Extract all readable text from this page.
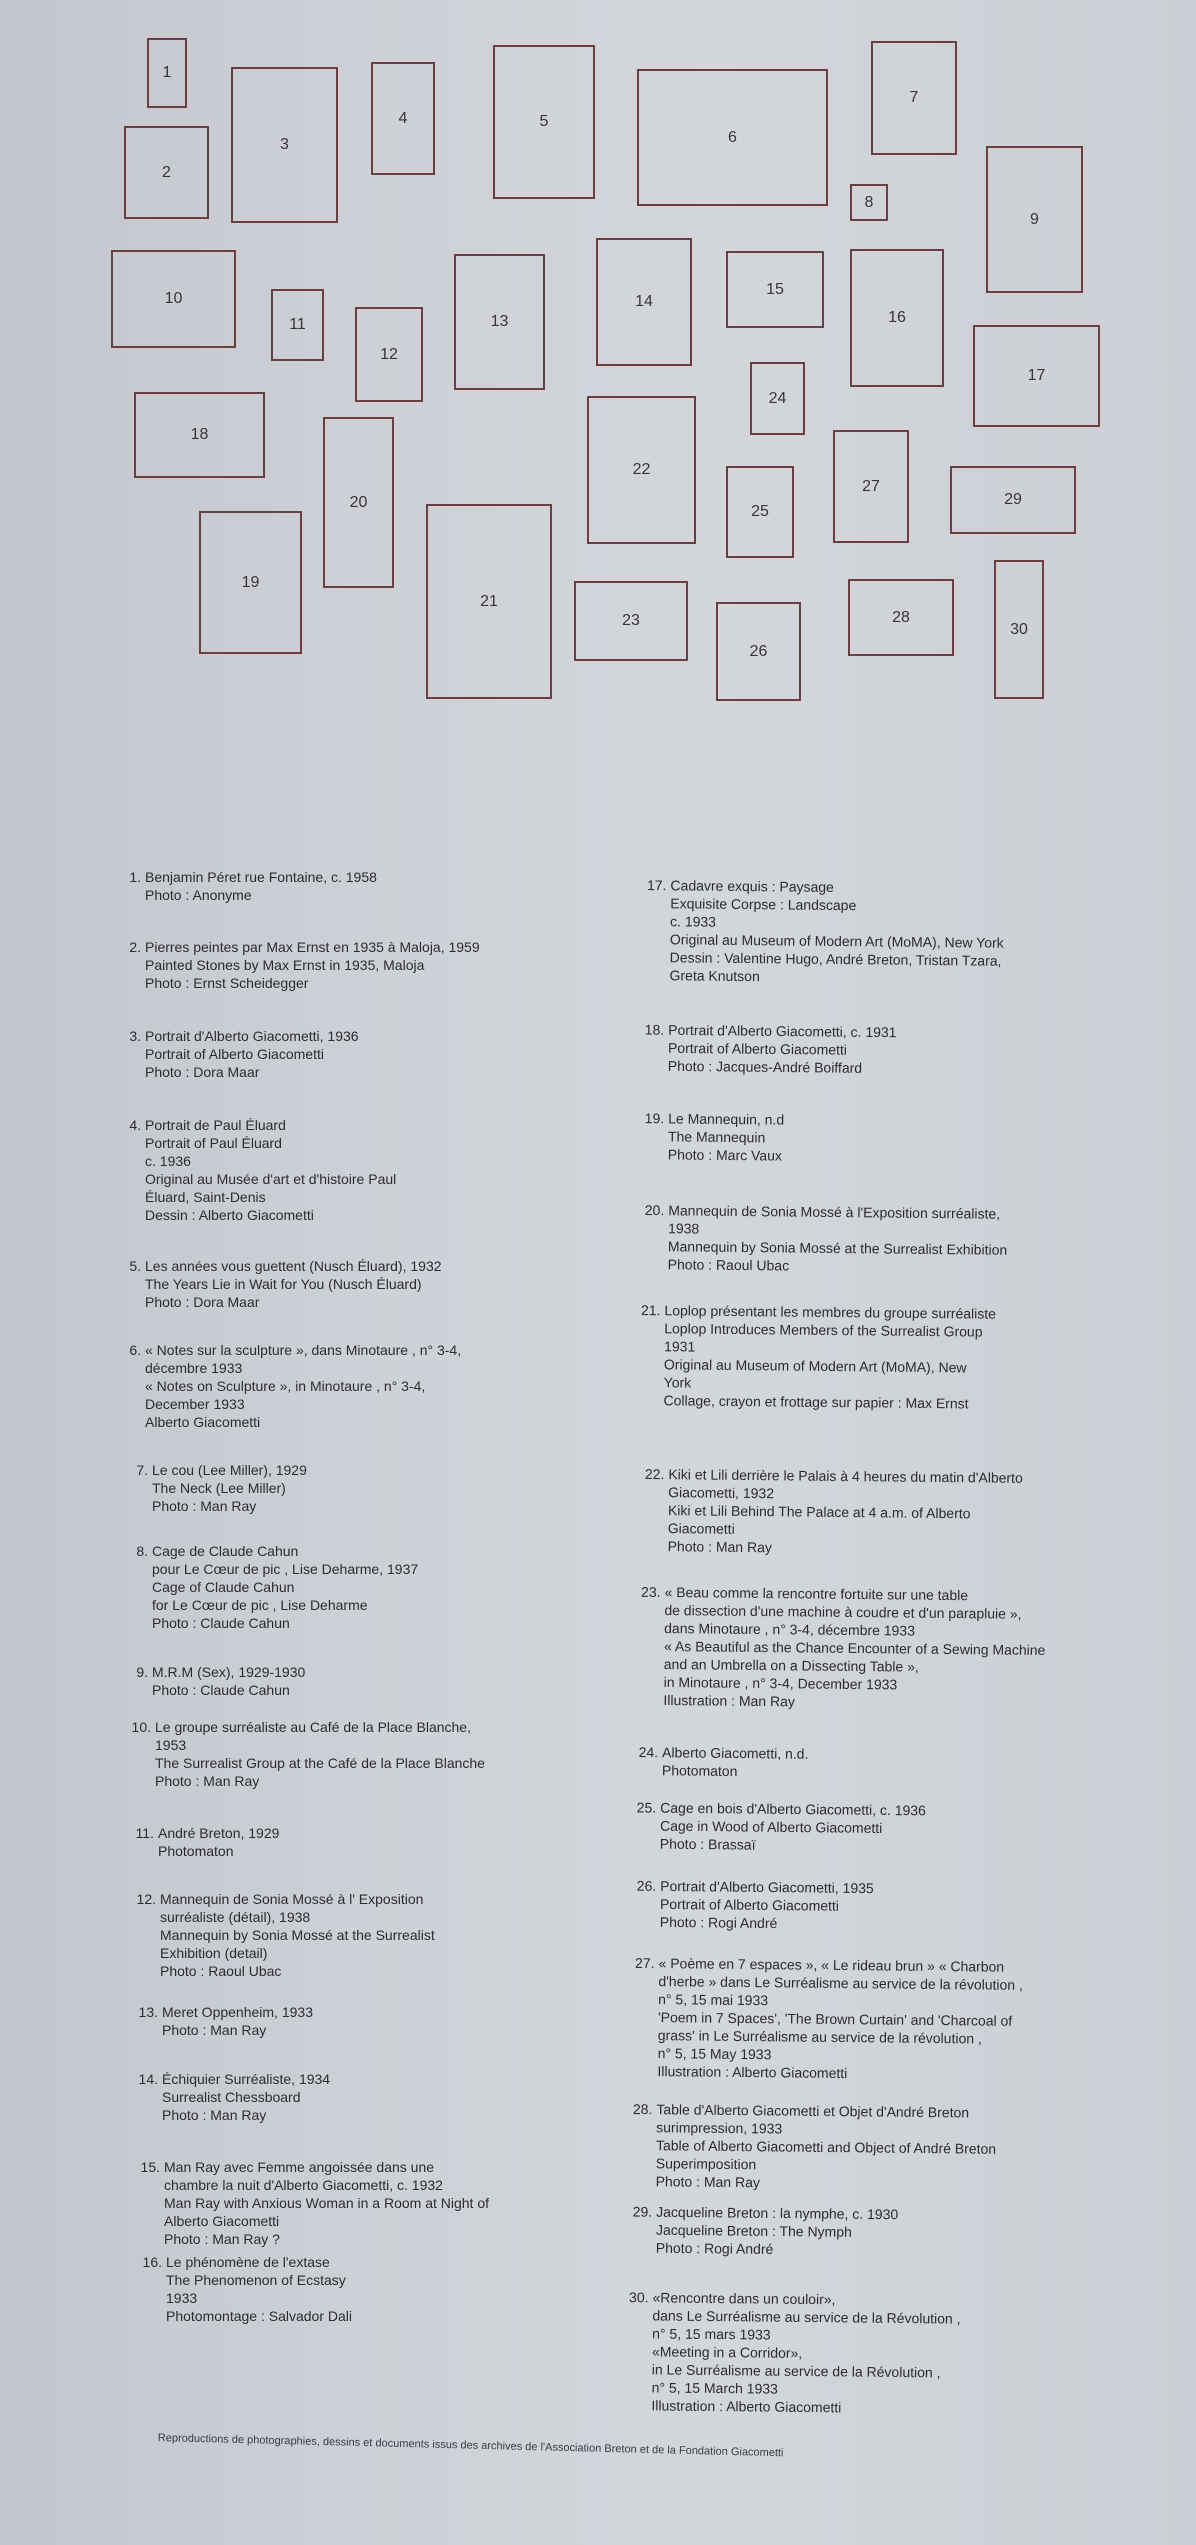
1
2
3
4	5
6
7
8
9
10
11
12
13
14
15
16
17
18
19
20
21
22
23
24
25
26
27
28
29
30
1. Benjamin Péret rue Fontaine, c. 1958
Photo : Anonyme
2. Pierres peintes par Max Ernst en 1935 à Maloja, 1959
Painted Stones by Max Ernst in 1935, Maloja
Photo : Ernst Scheidegger
3. Portrait d'Alberto Giacometti, 1936
Portrait of Alberto Giacometti
Photo : Dora Maar
4. Portrait de Paul Éluard
Portrait of Paul Éluard
c. 1936
Original au Musée d'art et d'histoire Paul
Éluard, Saint-Denis
Dessin : Alberto Giacometti
5. Les années vous guettent (Nusch Éluard), 1932
The Years Lie in Wait for You (Nusch Éluard)
Photo : Dora Maar
6. « Notes sur la sculpture », dans Minotaure , n° 3-4,
décembre 1933
« Notes on Sculpture », in Minotaure , n° 3-4,
December 1933
Alberto Giacometti
7. Le cou (Lee Miller), 1929
The Neck (Lee Miller)
Photo : Man Ray
8. Cage de Claude Cahun
pour Le Cœur de pic , Lise Deharme, 1937
Cage of Claude Cahun
for Le Cœur de pic , Lise Deharme
Photo : Claude Cahun
9. M.R.M (Sex), 1929-1930
Photo : Claude Cahun
10. Le groupe surréaliste au Café de la Place Blanche,
1953
The Surrealist Group at the Café de la Place Blanche
Photo : Man Ray
11. André Breton, 1929
Photomaton
12. Mannequin de Sonia Mossé à l' Exposition
surréaliste (détail), 1938
Mannequin by Sonia Mossé at the Surrealist
Exhibition (detail)
Photo : Raoul Ubac
13. Meret Oppenheim, 1933
Photo : Man Ray
14. Échiquier Surréaliste, 1934
Surrealist Chessboard
Photo : Man Ray
15. Man Ray avec Femme angoissée dans une
chambre la nuit d'Alberto Giacometti, c. 1932
Man Ray with Anxious Woman in a Room at Night of
Alberto Giacometti
Photo : Man Ray ?
16. Le phénomène de l'extase
The Phenomenon of Ecstasy
1933
Photomontage : Salvador Dali
17. Cadavre exquis : Paysage
Exquisite Corpse : Landscape
c. 1933
Original au Museum of Modern Art (MoMA), New York
Dessin : Valentine Hugo, André Breton, Tristan Tzara,
Greta Knutson
18. Portrait d'Alberto Giacometti, c. 1931
Portrait of Alberto Giacometti
Photo : Jacques-André Boiffard
19. Le Mannequin, n.d
The Mannequin
Photo : Marc Vaux
20. Mannequin de Sonia Mossé à l'Exposition surréaliste,
1938
Mannequin by Sonia Mossé at the Surrealist Exhibition
Photo : Raoul Ubac
21. Loplop présentant les membres du groupe surréaliste
Loplop Introduces Members of the Surrealist Group
1931
Original au Museum of Modern Art (MoMA), New
York
Collage, crayon et frottage sur papier : Max Ernst
22. Kiki et Lili derrière le Palais à 4 heures du matin d'Alberto
Giacometti, 1932
Kiki et Lili Behind The Palace at 4 a.m. of Alberto
Giacometti
Photo : Man Ray
23. « Beau comme la rencontre fortuite sur une table
de dissection d'une machine à coudre et d'un parapluie »,
dans Minotaure , n° 3-4, décembre 1933
« As Beautiful as the Chance Encounter of a Sewing Machine
and an Umbrella on a Dissecting Table »,
in Minotaure , n° 3-4, December 1933
Illustration : Man Ray
24. Alberto Giacometti, n.d.
Photomaton
25. Cage en bois d'Alberto Giacometti, c. 1936
Cage in Wood of Alberto Giacometti
Photo : Brassaï
26. Portrait d'Alberto Giacometti, 1935
Portrait of Alberto Giacometti
Photo : Rogi André
27. « Poème en 7 espaces », « Le rideau brun » « Charbon
d'herbe » dans Le Surréalisme au service de la révolution ,
n° 5, 15 mai 1933
'Poem in 7 Spaces', 'The Brown Curtain' and 'Charcoal of
grass' in Le Surréalisme au service de la révolution ,
n° 5, 15 May 1933
Illustration : Alberto Giacometti
28. Table d'Alberto Giacometti et Objet d'André Breton
surimpression, 1933
Table of Alberto Giacometti and Object of André Breton
Superimposition
Photo : Man Ray
29. Jacqueline Breton : la nymphe, c. 1930
Jacqueline Breton : The Nymph
Photo : Rogi André
30. «Rencontre dans un couloir»,
dans Le Surréalisme au service de la Révolution ,
n° 5, 15 mars 1933
«Meeting in a Corridor»,
in Le Surréalisme au service de la Révolution ,
n° 5, 15 March 1933
Illustration : Alberto Giacometti
Reproductions de photographies, dessins et documents issus des archives de l'Association Breton et de la Fondation Giacometti
